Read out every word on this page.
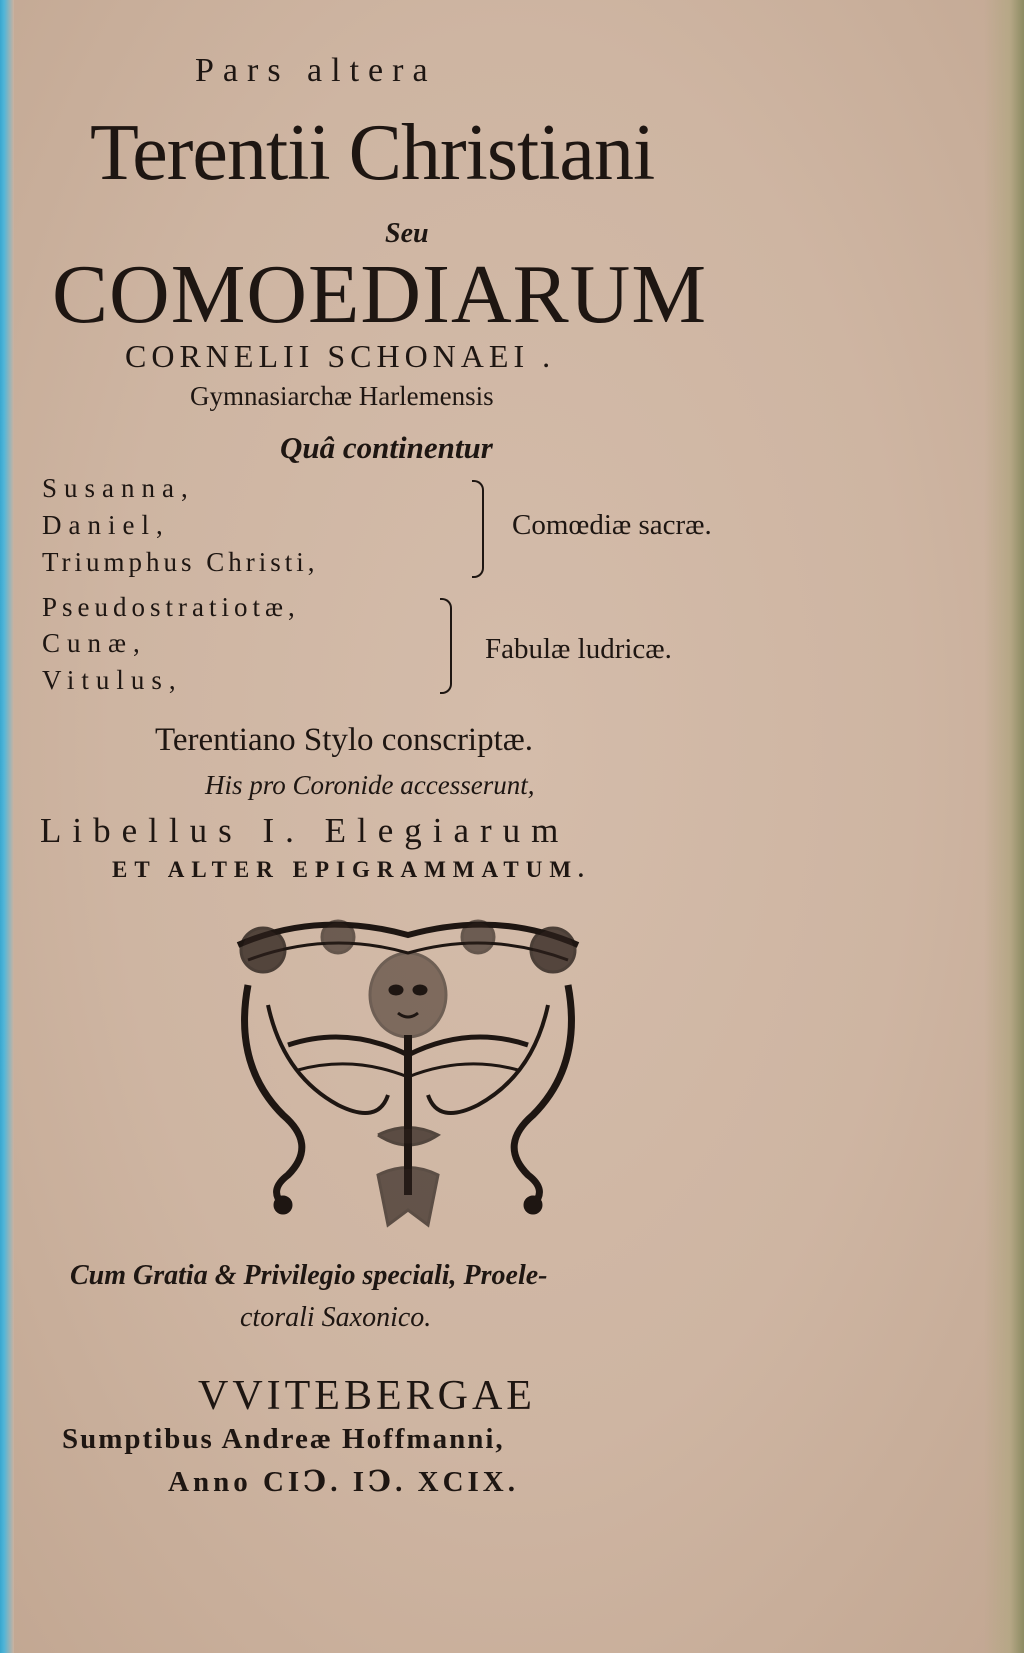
Pars altera
Terentii Christiani
Seu
COMOEDIARUM
CORNELII SCHONAEI .
Gymnasiarchæ Harlemensis
Quâ continentur
Susanna,
Daniel,
Triumphus Christi,
Comœdiæ sacræ.
Pseudostratiotæ,
Cunæ,
Vitulus,
Fabulæ ludricæ.
Terentiano Stylo conscriptæ.
His pro Coronide accesserunt,
Libellus I. Elegiarum
ET ALTER EPIGRAMMATUM.
Cum Gratia & Privilegio speciali, Proele-
ctorali Saxonico.
VVITEBERGAE
Sumptibus Andreæ Hoffmanni,
Anno CIↃ. IↃ. XCIX.
